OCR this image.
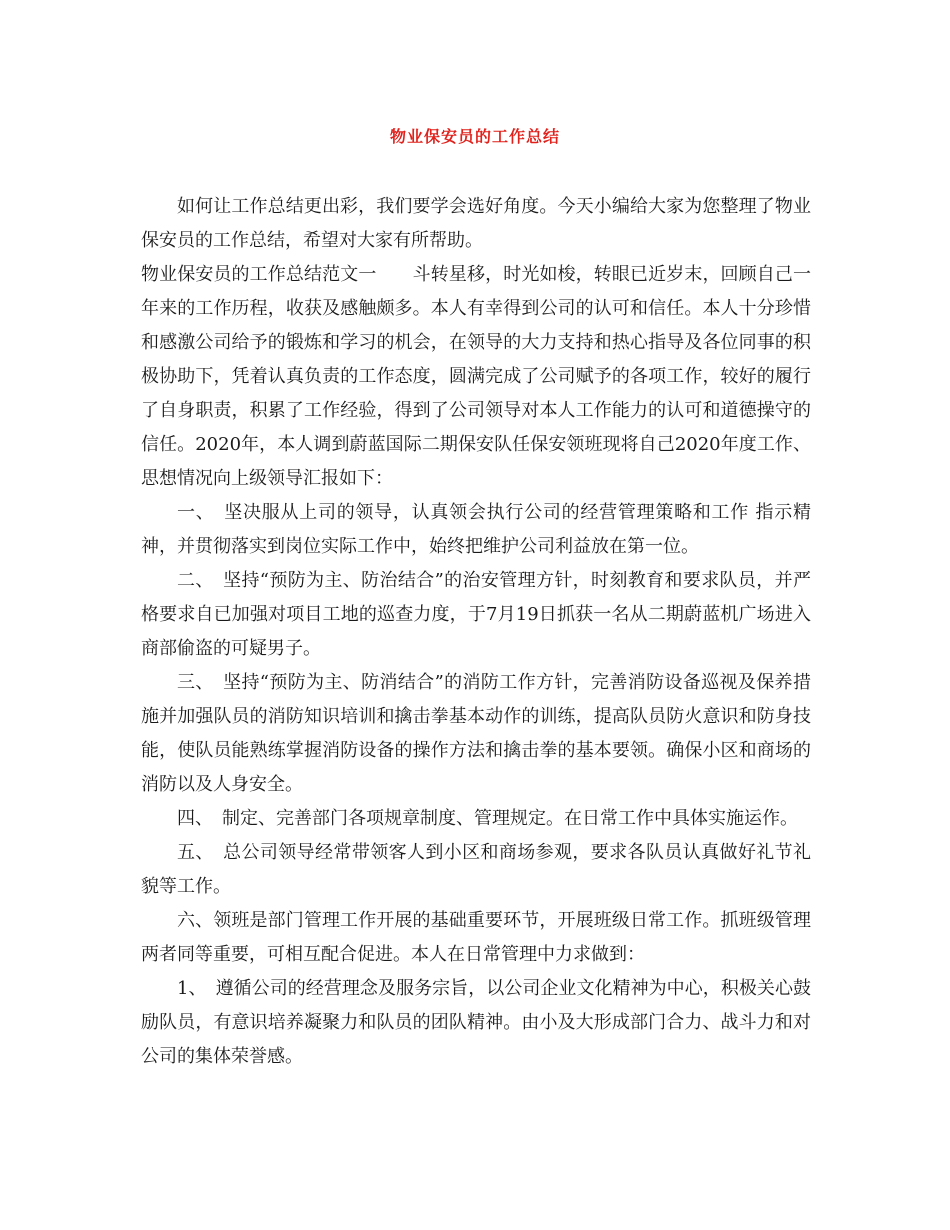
物业保安员的工作总结

如何让工作总结更出彩，我们要学会选好角度。今天小编给大家为您整理了物业保安员的工作总结，希望对大家有所帮助。

物业保安员的工作总结范文一　　斗转星移，时光如梭，转眼已近岁末，回顾自己一年来的工作历程，收获及感触颇多。本人有幸得到公司的认可和信任。本人十分珍惜和感激公司给予的锻炼和学习的机会，在领导的大力支持和热心指导及各位同事的积极协助下，凭着认真负责的工作态度，圆满完成了公司赋予的各项工作，较好的履行了自身职责，积累了工作经验，得到了公司领导对本人工作能力的认可和道德操守的信任。2020年，本人调到蔚蓝国际二期保安队任保安领班现将自己2020年度工作、思想情况向上级领导汇报如下：

一、　坚决服从上司的领导，认真领会执行公司的经营管理策略和工作 指示精神，并贯彻落实到岗位实际工作中，始终把维护公司利益放在第一位。

二、　坚持“预防为主、防治结合”的治安管理方针，时刻教育和要求队员，并严格要求自已加强对项目工地的巡查力度，于7月19日抓获一名从二期蔚蓝机广场进入商部偷盗的可疑男子。

三、　坚持“预防为主、防消结合”的消防工作方针，完善消防设备巡视及保养措施并加强队员的消防知识培训和擒击拳基本动作的训练，提高队员防火意识和防身技能，使队员能熟练掌握消防设备的操作方法和擒击拳的基本要领。确保小区和商场的消防以及人身安全。

四、　制定、完善部门各项规章制度、管理规定。在日常工作中具体实施运作。

五、　总公司领导经常带领客人到小区和商场参观，要求各队员认真做好礼节礼貌等工作。

六、领班是部门管理工作开展的基础重要环节，开展班级日常工作。抓班级管理两者同等重要，可相互配合促进。本人在日常管理中力求做到：

1、　遵循公司的经营理念及服务宗旨，以公司企业文化精神为中心，积极关心鼓励队员，有意识培养凝聚力和队员的团队精神。由小及大形成部门合力、战斗力和对公司的集体荣誉感。
